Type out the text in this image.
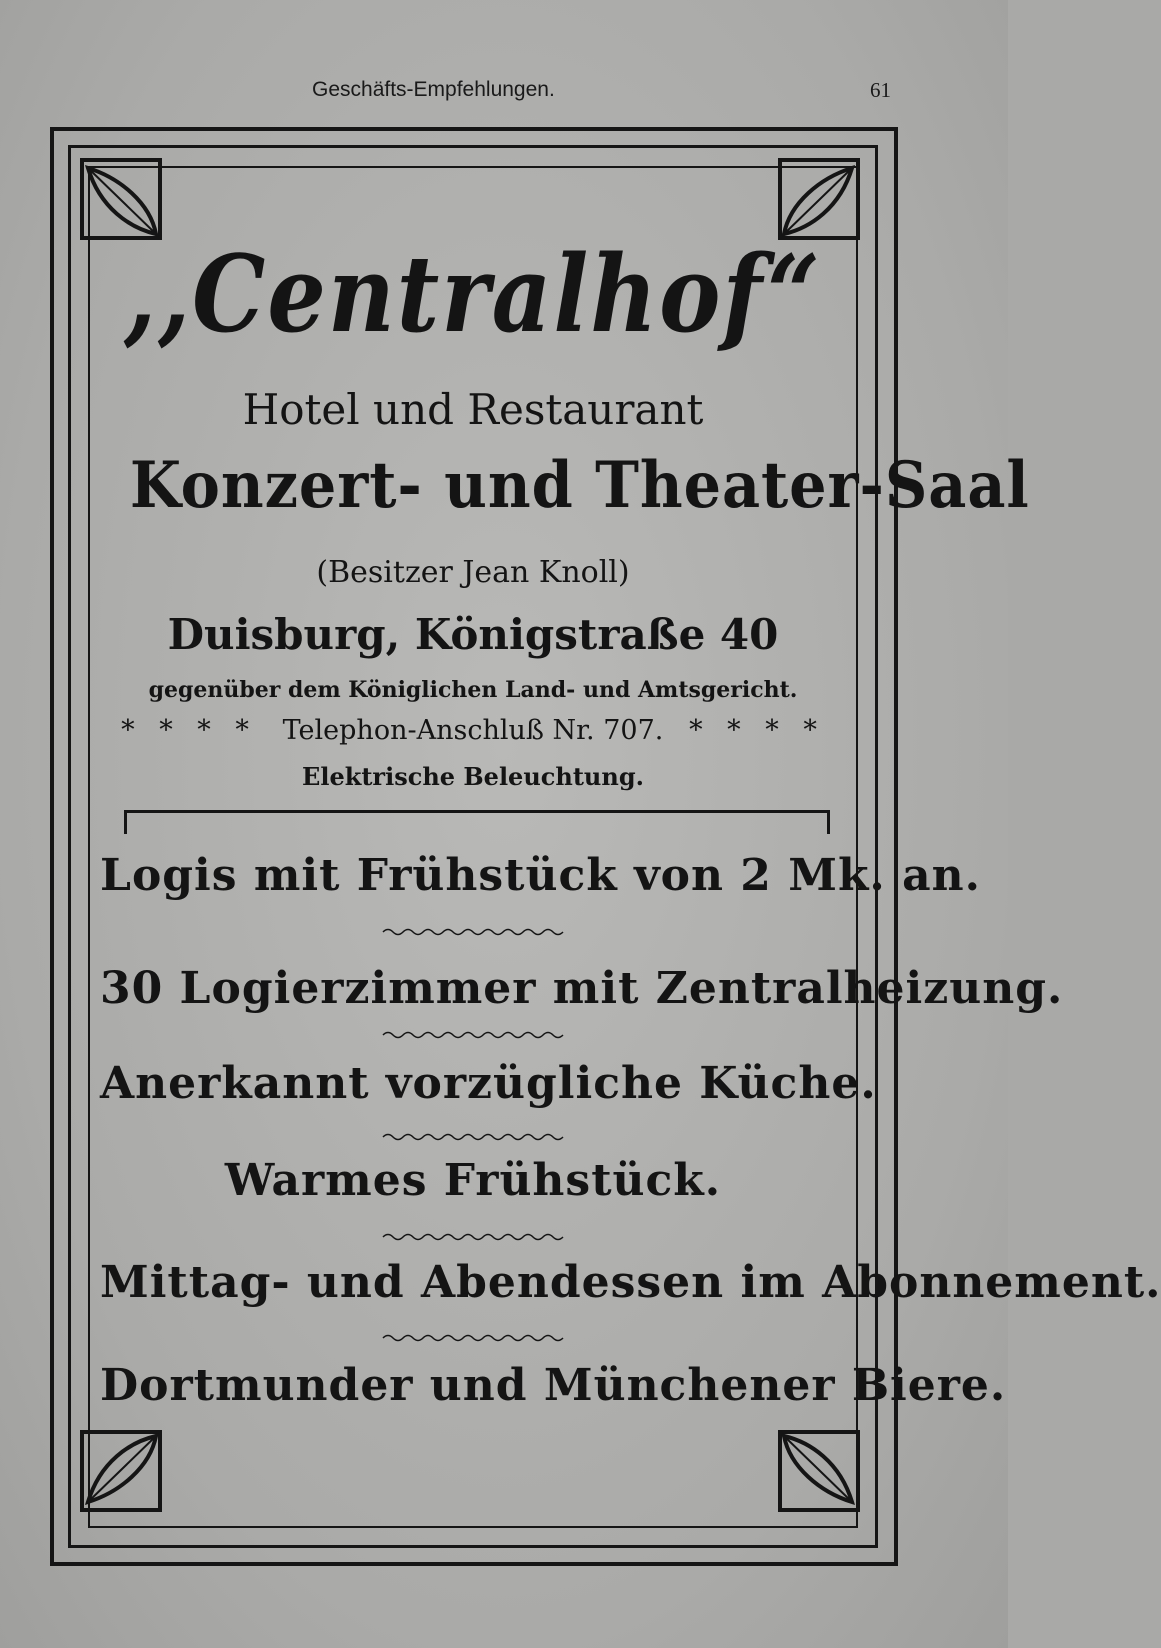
Geschäfts-Empfehlungen.	61
,,Centralhof“
Hotel und Restaurant
Konzert- und Theater-Saal
(Besitzer Jean Knoll)
Duisburg, Königstraße 40
gegenüber dem Königlichen Land- und Amtsgericht.
* * * * Telephon-Anschluß Nr. 707. * * * *
Elektrische Beleuchtung.
Logis mit Frühstück von 2 Mk. an.
30 Logierzimmer mit Zentralheizung.
Anerkannt vorzügliche Küche.
Warmes Frühstück.
Mittag- und Abendessen im Abonnement.
Dortmunder und Münchener Biere.
